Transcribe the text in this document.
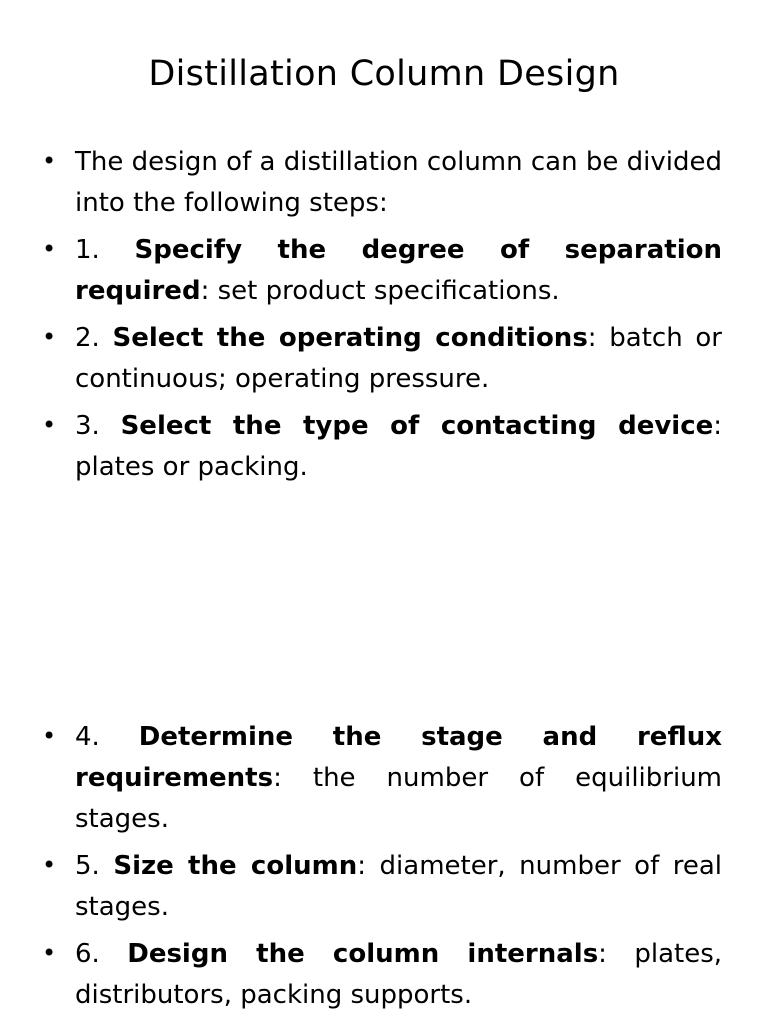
Distillation Column Design
• The design of a distillation column can be divided into the following steps:
• 1. Specify the degree of separation required: set product specifications.
• 2. Select the operating conditions: batch or continuous; operating pressure.
• 3. Select the type of contacting device: plates or packing.
• 4. Determine the stage and reflux requirements: the number of equilibrium stages.
• 5. Size the column: diameter, number of real stages.
• 6. Design the column internals: plates, distributors, packing supports.
